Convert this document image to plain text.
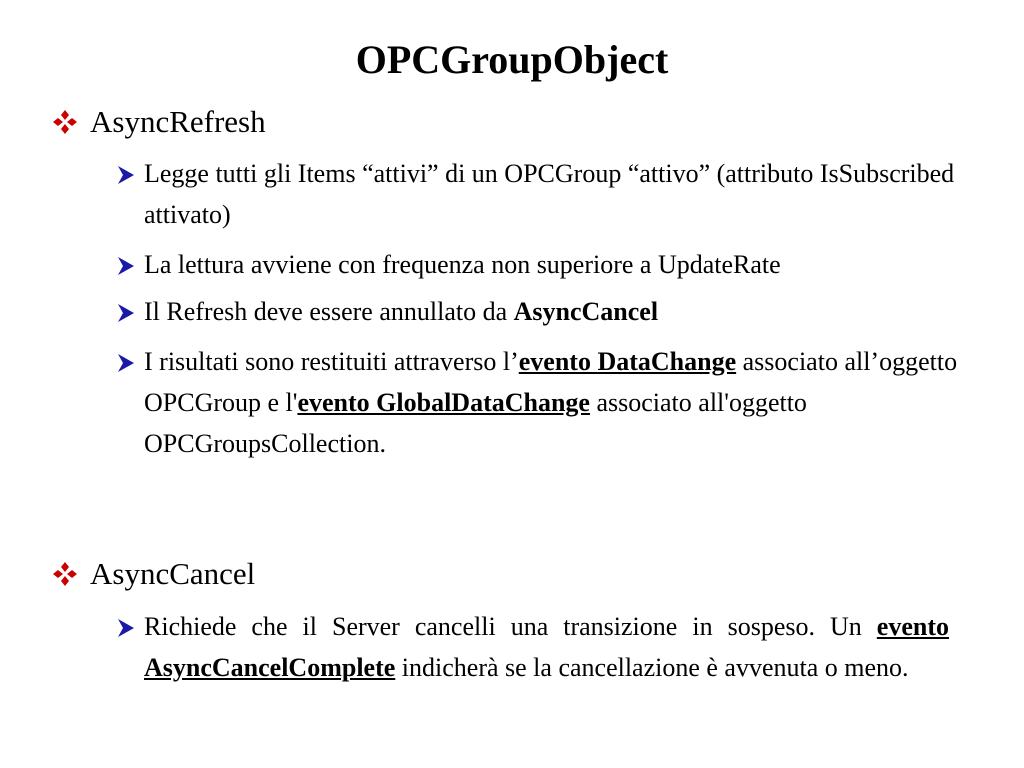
OPCGroupObject
AsyncRefresh
Legge tutti gli Items “attivi” di un OPCGroup “attivo” (attributo IsSubscribed attivato)
La lettura avviene con frequenza non superiore a UpdateRate
Il Refresh deve essere annullato da AsyncCancel
I risultati sono restituiti attraverso l’evento DataChange associato all’oggetto OPCGroup e l'evento GlobalDataChange associato all'oggetto OPCGroupsCollection.
AsyncCancel
Richiede che il Server cancelli una transizione in sospeso. Un evento AsyncCancelComplete indicherà se la cancellazione è avvenuta o meno.
